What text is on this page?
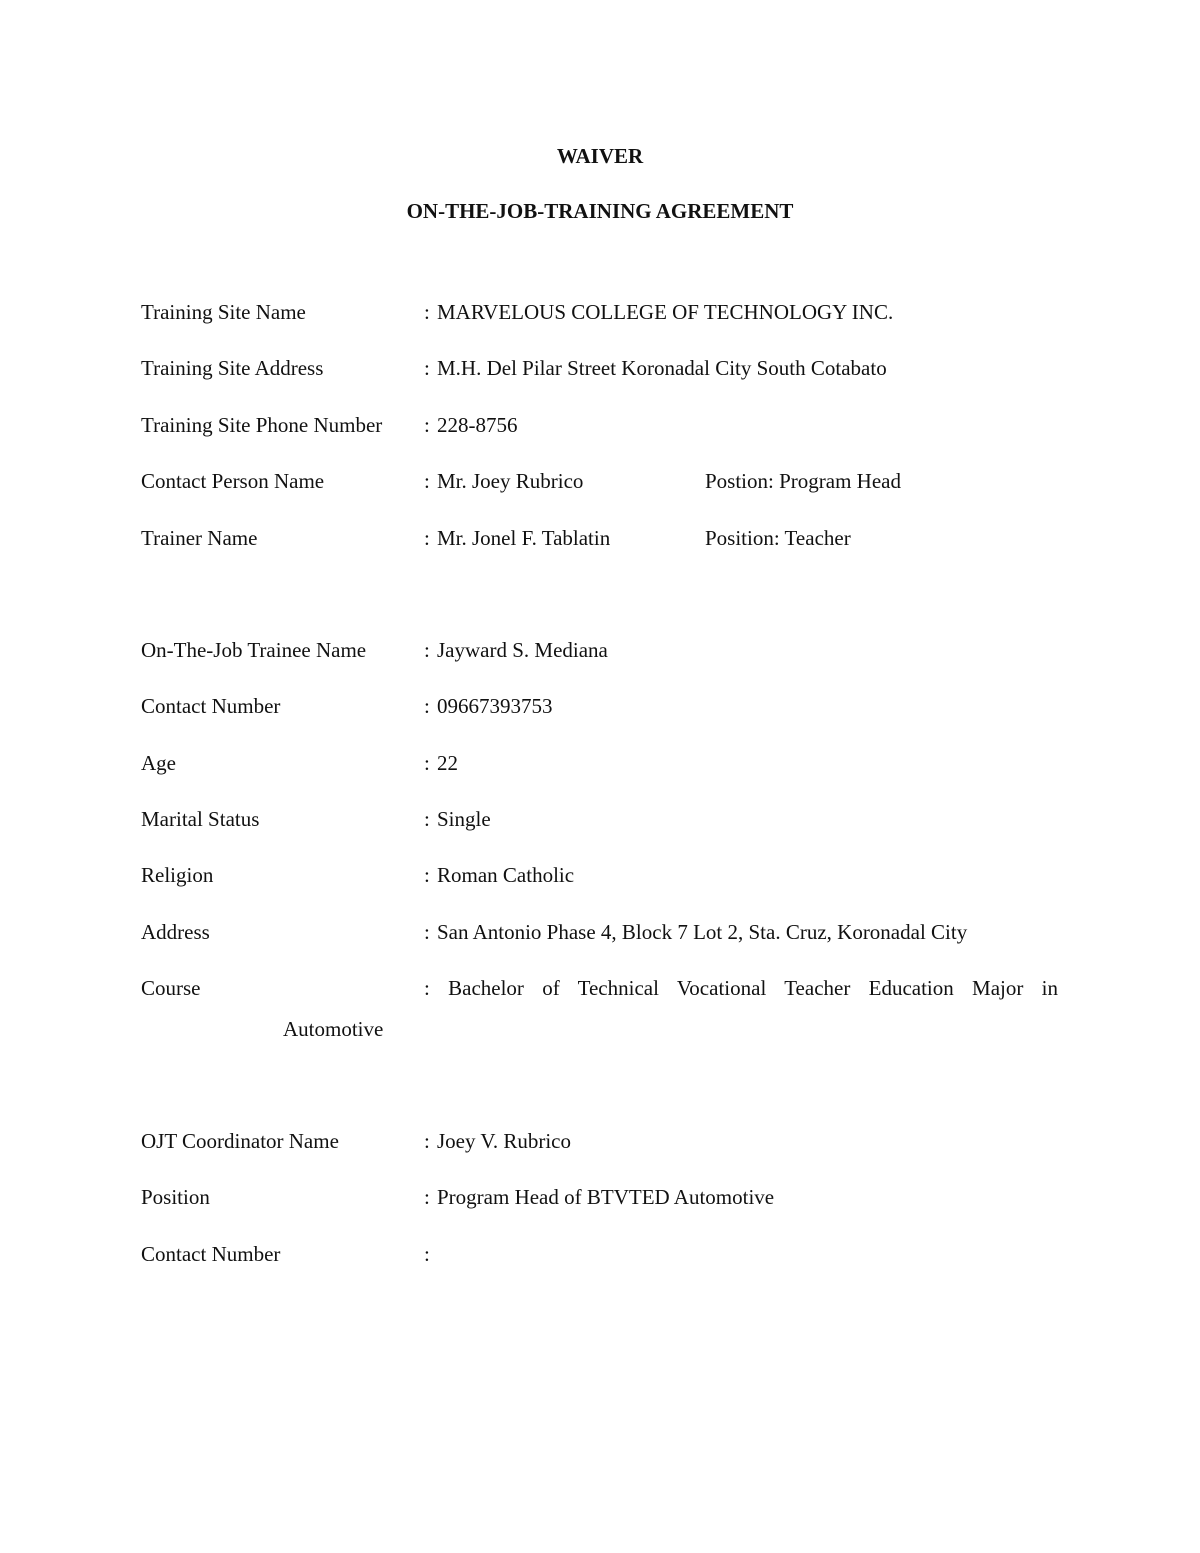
WAIVER
ON-THE-JOB-TRAINING AGREEMENT
Training Site Name	: MARVELOUS COLLEGE OF TECHNOLOGY INC.
Training Site Address	: M.H. Del Pilar Street Koronadal City South Cotabato
Training Site Phone Number : 228-8756
Contact Person Name	: Mr. Joey Rubrico	Postion: Program Head
Trainer Name	: Mr. Jonel F. Tablatin	Position: Teacher
On-The-Job Trainee Name	: Jayward S. Mediana
Contact Number	: 09667393753
Age	: 22
Marital Status	: Single
Religion	: Roman Catholic
Address	: San Antonio Phase 4, Block 7 Lot 2, Sta. Cruz, Koronadal City
Course	: Bachelor of Technical Vocational Teacher Education Major in
Automotive
OJT Coordinator Name	: Joey V. Rubrico
Position	: Program Head of BTVTED Automotive
Contact Number	:
